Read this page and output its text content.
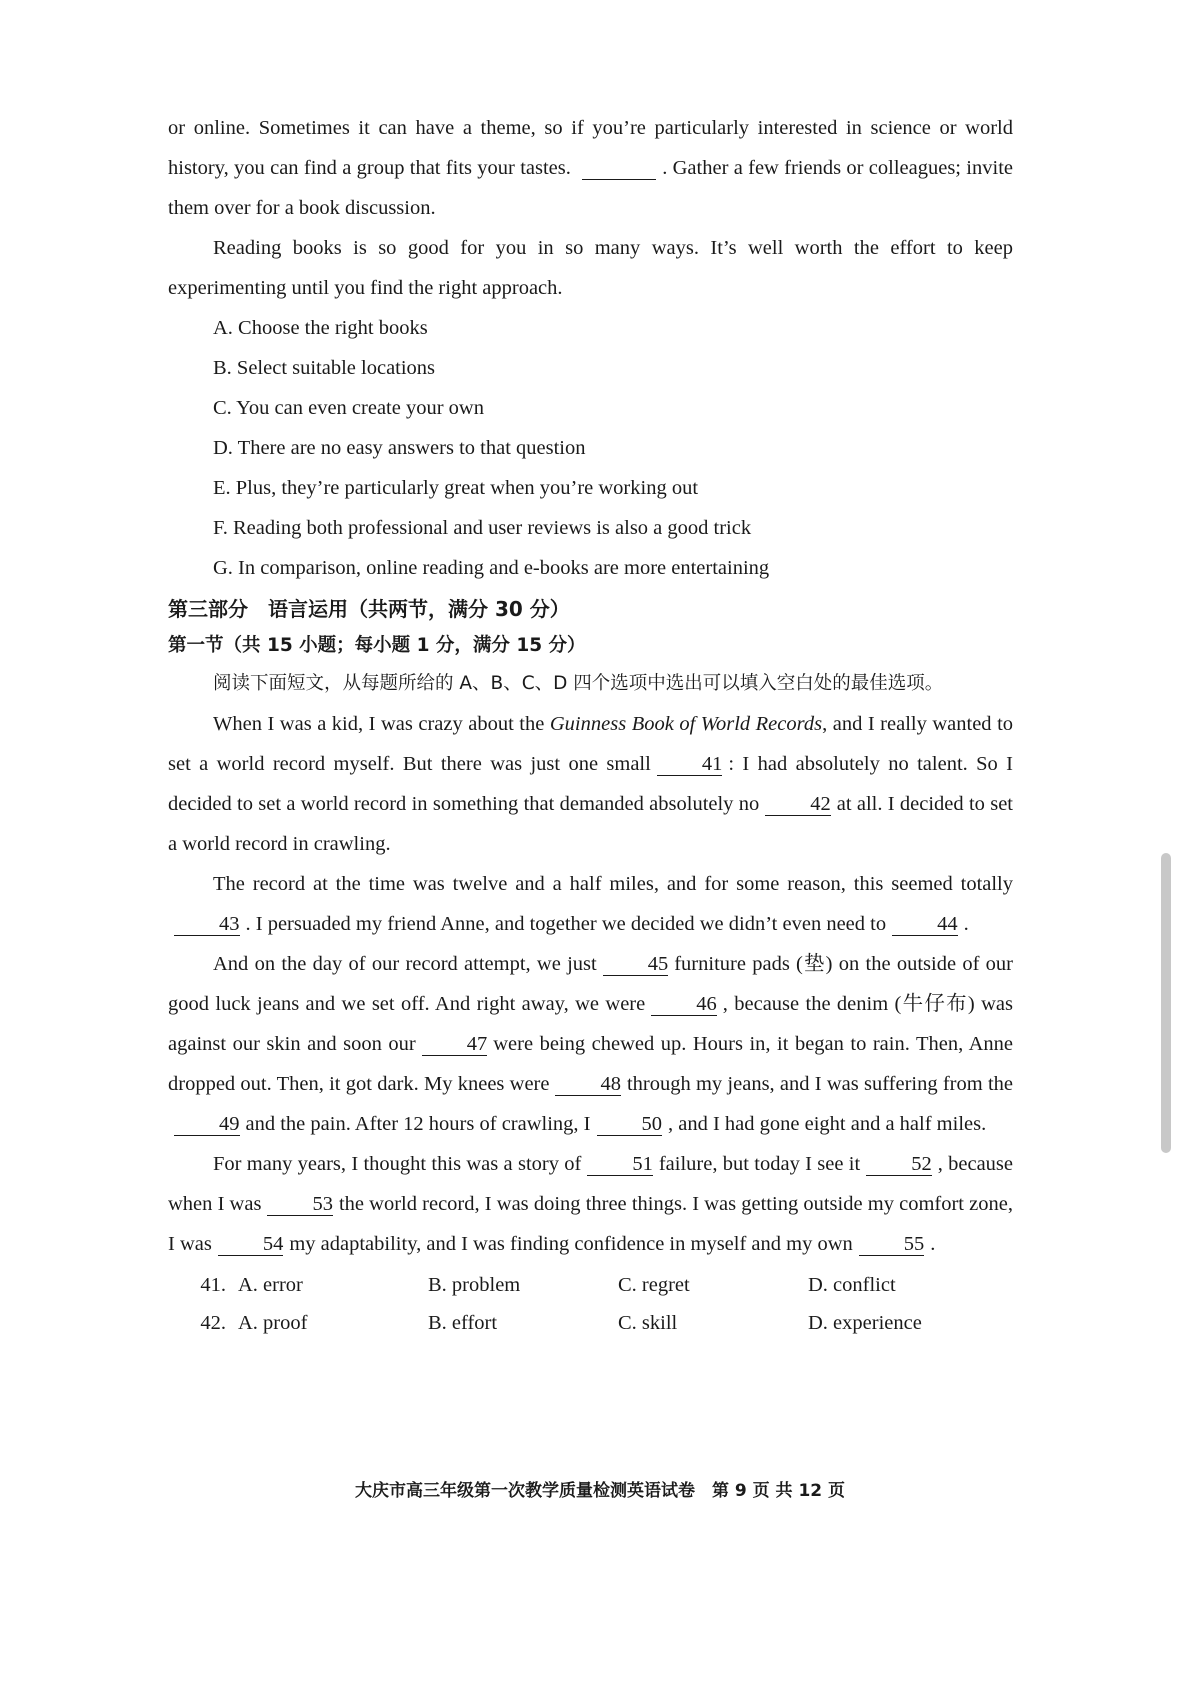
or online. Sometimes it can have a theme, so if you’re particularly interested in science or world history, you can find a group that fits your tastes.	. Gather a few friends or colleagues; invite them over for a book discussion.

Reading books is so good for you in so many ways. It’s well worth the effort to keep experimenting until you find the right approach.

A. Choose the right books

B. Select suitable locations

C. You can even create your own

D. There are no easy answers to that question

E. Plus, they’re particularly great when you’re working out

F. Reading both professional and user reviews is also a good trick

G. In comparison, online reading and e-books are more entertaining

第三部分　语言运用（共两节，满分 30 分）

第一节（共 15 小题；每小题 1 分，满分 15 分）

阅读下面短文，从每题所给的 A、B、C、D 四个选项中选出可以填入空白处的最佳选项。

When I was a kid, I was crazy about the Guinness Book of World Records, and I really wanted to set a world record myself. But there was just one small 41 : I had absolutely no talent. So I decided to set a world record in something that demanded absolutely no 42 at all. I decided to set a world record in crawling.

The record at the time was twelve and a half miles, and for some reason, this seemed totally43 . I persuaded my friend Anne, and together we decided we didn’t even need to 44 .

And on the day of our record attempt, we just 45 furniture pads (垫) on the outside of our good luck jeans and we set off. And right away, we were 46 , because the denim (牛仔布) was against our skin and soon our 47 were being chewed up. Hours in, it began to rain. Then, Anne dropped out. Then, it got dark. My knees were 48 through my jeans, and I was suffering from the49 and the pain. After 12 hours of crawling, I 50 , and I had gone eight and a half miles.

For many years, I thought this was a story of 51 failure, but today I see it 52 , because when I was 53 the world record, I was doing three things. I was getting outside my comfort zone, I was 54 my adaptability, and I was finding confidence in myself and my own 55 .

41. A. error	B. problem	C. regret	D. conflict
42. A. proof	B. effort	C. skill	D. experience
大庆市高三年级第一次教学质量检测英语试卷　第 9 页 共 12 页
